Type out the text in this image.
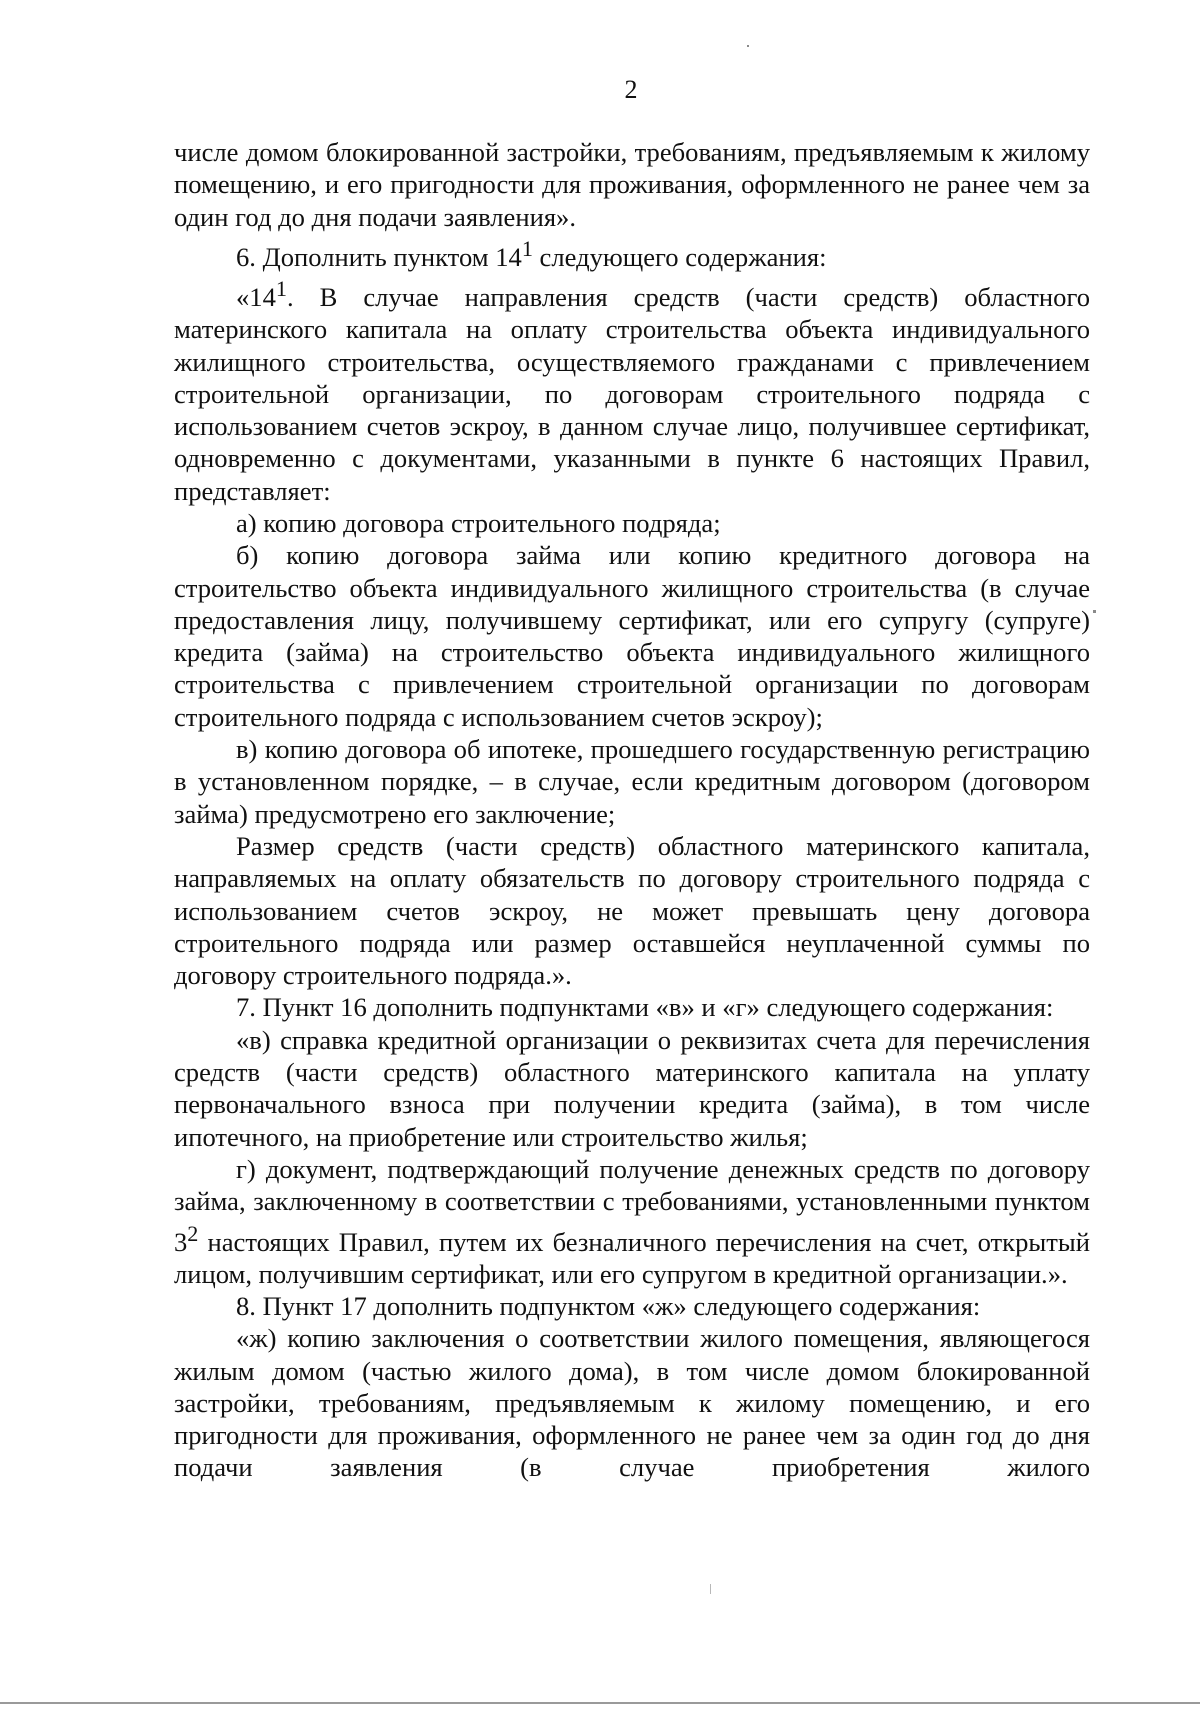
2

числе домом блокированной застройки, требованиям, предъявляемым к жилому помещению, и его пригодности для проживания, оформленного не ранее чем за один год до дня подачи заявления».

6. Дополнить пунктом $14^1$ следующего содержания:

«$14^1$. В случае направления средств (части средств) областного материнского капитала на оплату строительства объекта индивидуального жилищного строительства, осуществляемого гражданами с привлечением строительной организации, по договорам строительного подряда с использованием счетов эскроу, в данном случае лицо, получившее сертификат, одновременно с документами, указанными в пункте 6 настоящих Правил, представляет:

а) копию договора строительного подряда;

б) копию договора займа или копию кредитного договора на строительство объекта индивидуального жилищного строительства (в случае предоставления лицу, получившему сертификат, или его супругу (супруге) кредита (займа) на строительство объекта индивидуального жилищного строительства с привлечением строительной организации по договорам строительного подряда с использованием счетов эскроу);

в) копию договора об ипотеке, прошедшего государственную регистрацию в установленном порядке, – в случае, если кредитным договором (договором займа) предусмотрено его заключение;

Размер средств (части средств) областного материнского капитала, направляемых на оплату обязательств по договору строительного подряда с использованием счетов эскроу, не может превышать цену договора строительного подряда или размер оставшейся неуплаченной суммы по договору строительного подряда.».

7. Пункт 16 дополнить подпунктами «в» и «г» следующего содержания:

«в) справка кредитной организации о реквизитах счета для перечисления средств (части средств) областного материнского капитала на уплату первоначального взноса при получении кредита (займа), в том числе ипотечного, на приобретение или строительство жилья;

г) документ, подтверждающий получение денежных средств по договору займа, заключенному в соответствии с требованиями, установленными пунктом $3^2$ настоящих Правил, путем их безналичного перечисления на счет, открытый лицом, получившим сертификат, или его супругом в кредитной организации.».

8. Пункт 17 дополнить подпунктом «ж» следующего содержания:

«ж) копию заключения о соответствии жилого помещения, являющегося жилым домом (частью жилого дома), в том числе домом блокированной застройки, требованиям, предъявляемым к жилому помещению, и его пригодности для проживания, оформленного не ранее чем за один год до дня подачи заявления (в случае приобретения жилого
